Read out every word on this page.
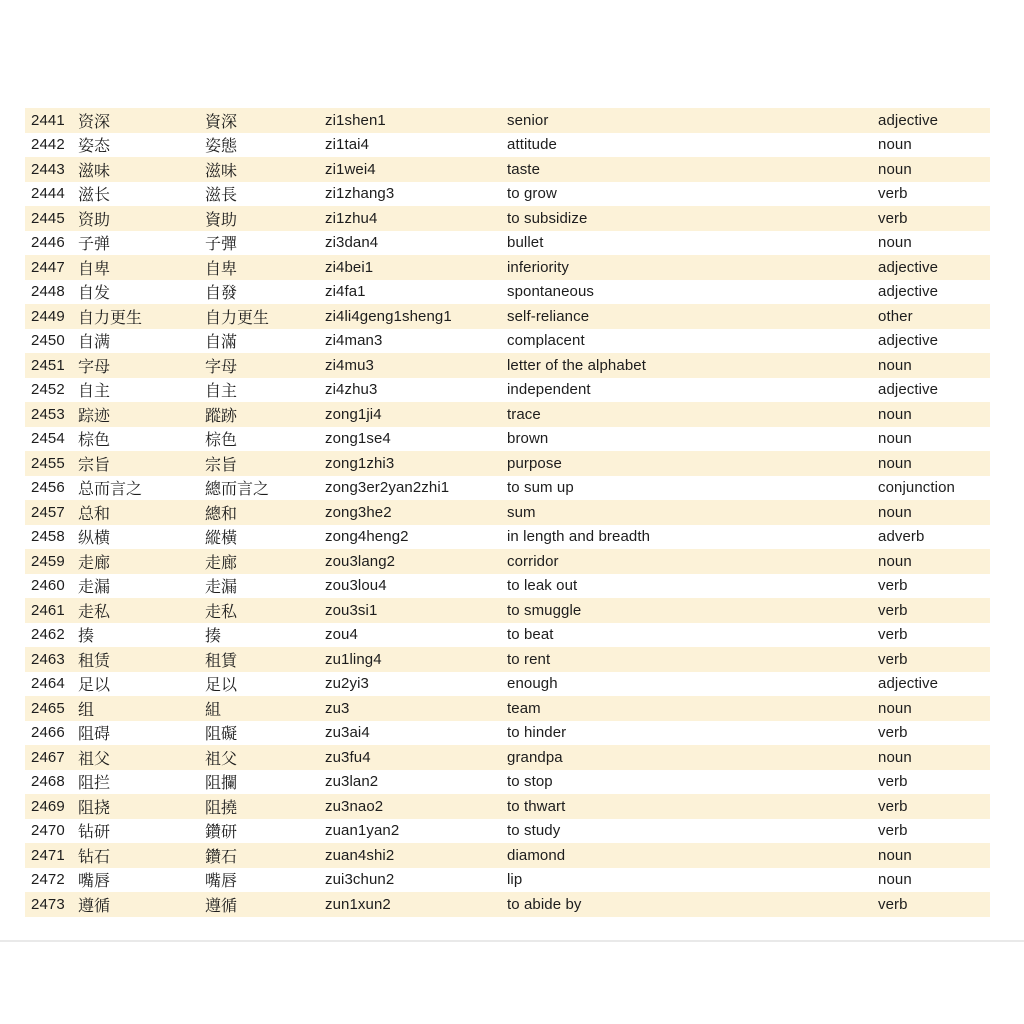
2441 资深	資深	zi1shen1	senior	adjective
2442 姿态	姿態	zi1tai4	attitude	noun
2443 滋味	滋味	zi1wei4	taste	noun
2444 滋长	滋長	zi1zhang3	to grow	verb
2445 资助	資助	zi1zhu4	to subsidize	verb
2446 子弹	子彈	zi3dan4	bullet	noun
2447 自卑	自卑	zi4bei1	inferiority	adjective
2448 自发	自發	zi4fa1	spontaneous	adjective
2449 自力更生	自力更生	zi4li4geng1sheng1	self-reliance	other
2450 自满	自滿	zi4man3	complacent	adjective
2451 字母	字母	zi4mu3	letter of the alphabet	noun
2452 自主	自主	zi4zhu3	independent	adjective
2453 踪迹	蹤跡	zong1ji4	trace	noun
2454 棕色	棕色	zong1se4	brown	noun
2455 宗旨	宗旨	zong1zhi3	purpose	noun
2456 总而言之	總而言之	zong3er2yan2zhi1	to sum up	conjunction
2457 总和	總和	zong3he2	sum	noun
2458 纵横	縱橫	zong4heng2	in length and breadth	adverb
2459 走廊	走廊	zou3lang2	corridor	noun
2460 走漏	走漏	zou3lou4	to leak out	verb
2461 走私	走私	zou3si1	to smuggle	verb
2462 揍	揍	zou4	to beat	verb
2463 租赁	租賃	zu1ling4	to rent	verb
2464 足以	足以	zu2yi3	enough	adjective
2465 组	組	zu3	team	noun
2466 阻碍	阻礙	zu3ai4	to hinder	verb
2467 祖父	祖父	zu3fu4	grandpa	noun
2468 阻拦	阻攔	zu3lan2	to stop	verb
2469 阻挠	阻撓	zu3nao2	to thwart	verb
2470 钻研	鑽研	zuan1yan2	to study	verb
2471 钻石	鑽石	zuan4shi2	diamond	noun
2472 嘴唇	嘴唇	zui3chun2	lip	noun
2473 遵循	遵循	zun1xun2	to abide by	verb
